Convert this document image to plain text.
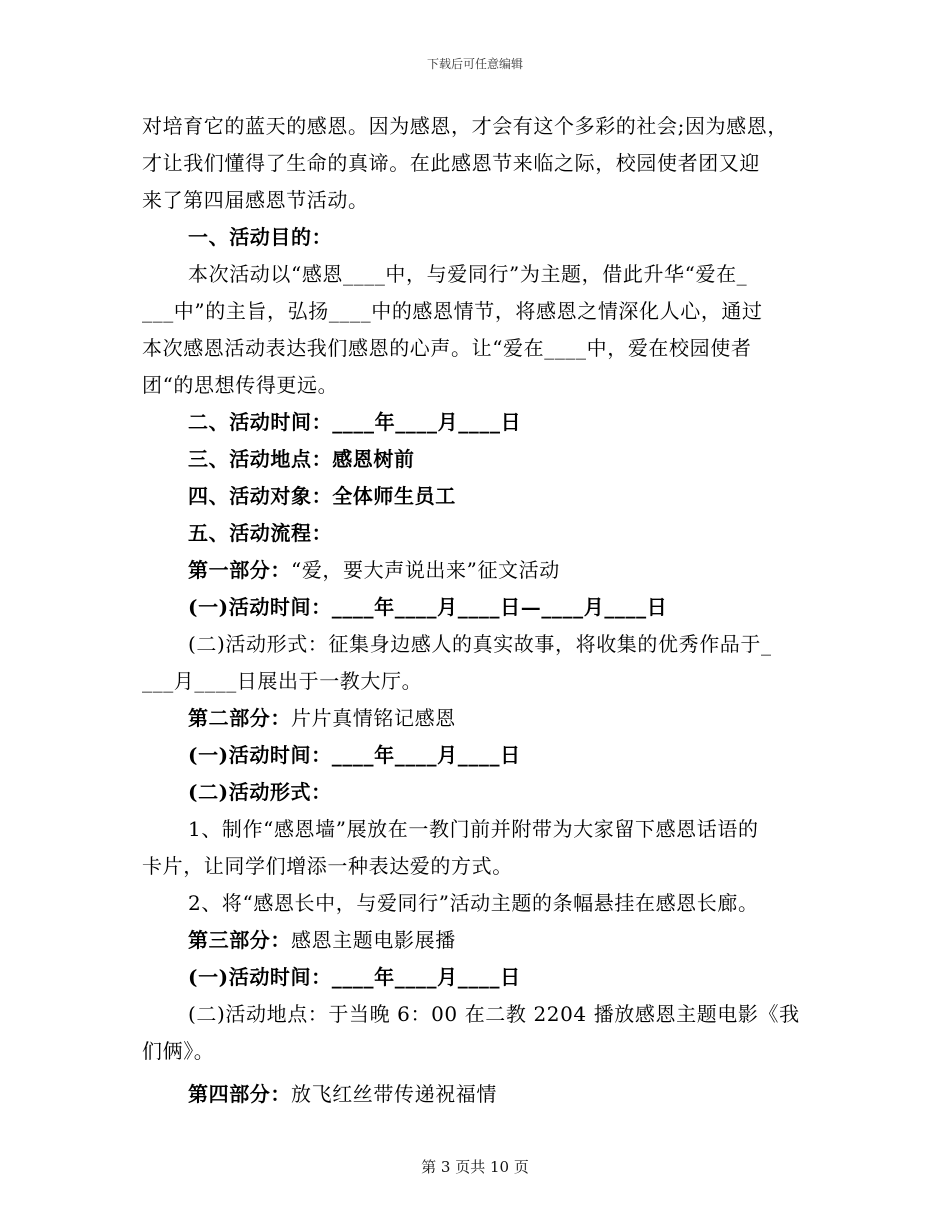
下载后可任意编辑
对培育它的蓝天的感恩。因为感恩，才会有这个多彩的社会;因为感恩，
才让我们懂得了生命的真谛。在此感恩节来临之际，校园使者团又迎
来了第四届感恩节活动。
一、活动目的：
本次活动以“感恩____中，与爱同行”为主题，借此升华“爱在_
___中”的主旨，弘扬____中的感恩情节，将感恩之情深化人心，通过
本次感恩活动表达我们感恩的心声。让“爱在____中，爱在校园使者
团“的思想传得更远。
二、活动时间：____年____月____日
三、活动地点：感恩树前
四、活动对象：全体师生员工
五、活动流程：
第一部分：“爱，要大声说出来”征文活动
(一)活动时间：____年____月____日—____月____日
(二)活动形式：征集身边感人的真实故事，将收集的优秀作品于_
___月____日展出于一教大厅。
第二部分：片片真情铭记感恩
(一)活动时间：____年____月____日
(二)活动形式：
1、制作“感恩墙”展放在一教门前并附带为大家留下感恩话语的
卡片，让同学们增添一种表达爱的方式。
2、将“感恩长中，与爱同行”活动主题的条幅悬挂在感恩长廊。
第三部分：感恩主题电影展播
(一)活动时间：____年____月____日
(二)活动地点：于当晚 6：00 在二教 2204 播放感恩主题电影《我
们俩》。
第四部分：放飞红丝带传递祝福情
第 3 页共 10 页
